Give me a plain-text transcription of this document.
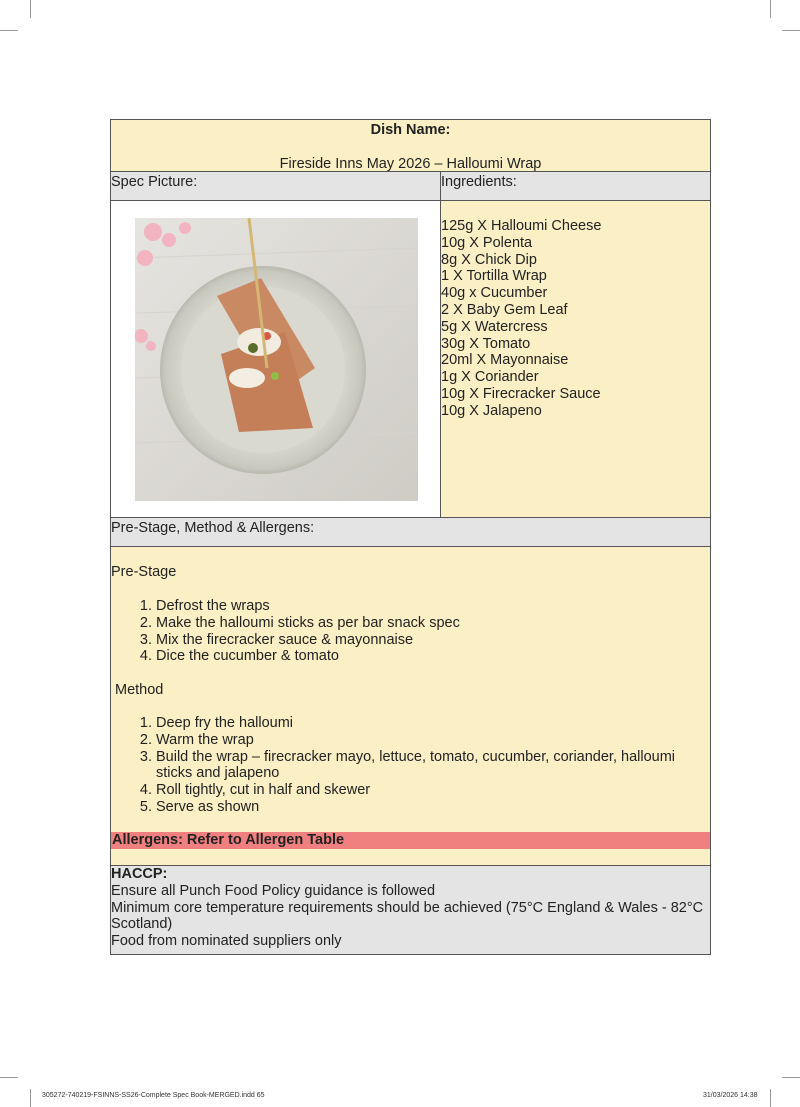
Dish Name:
Fireside Inns May 2026 – Halloumi Wrap
Spec Picture:	Ingredients:
125g X Halloumi Cheese
10g X Polenta
8g X Chick Dip
1 X Tortilla Wrap
40g x Cucumber
2 X Baby Gem Leaf
5g X Watercress
30g X Tomato
20ml X Mayonnaise
1g X Coriander
10g X Firecracker Sauce
10g X Jalapeno
Pre-Stage, Method & Allergens:
Pre-Stage
1. Defrost the wraps
2. Make the halloumi sticks as per bar snack spec
3. Mix the firecracker sauce & mayonnaise
4. Dice the cucumber & tomato
Method
1. Deep fry the halloumi
2. Warm the wrap
3. Build the wrap – firecracker mayo, lettuce, tomato, cucumber, coriander, halloumi sticks and jalapeno
4. Roll tightly, cut in half and skewer
5. Serve as shown
Allergens: Refer to Allergen Table
HACCP:
Ensure all Punch Food Policy guidance is followed
Minimum core temperature requirements should be achieved (75°C England & Wales - 82°C Scotland)
Food from nominated suppliers only
305272-740219-FSINNS-SS26-Complete Spec Book-MERGED.indd 65	31/03/2026 14:38
